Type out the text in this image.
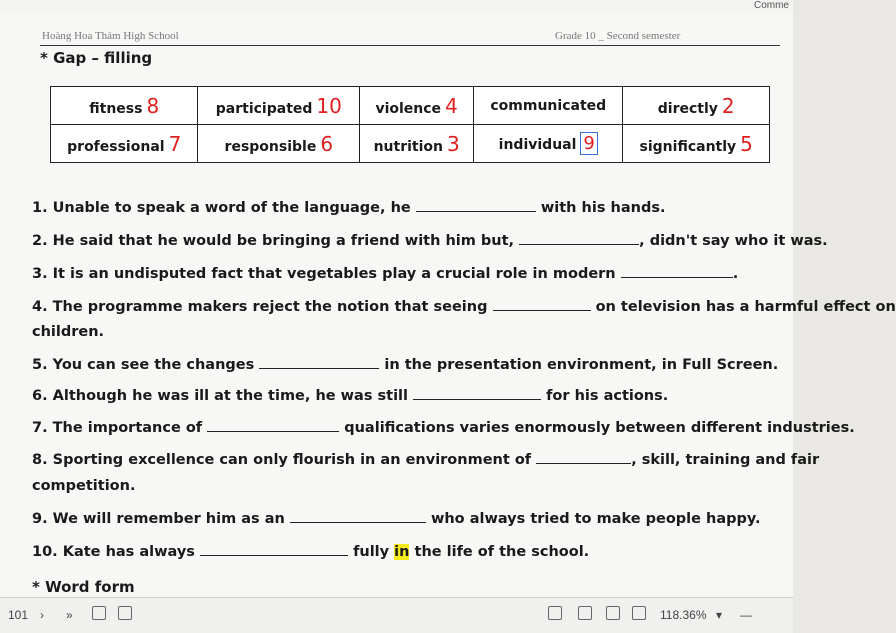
Comme
Hoàng Hoa Thám High School	Grade 10 _ Second semester
* Gap – filling
fitness 8	participated 10	violence 4	communicated	directly 2
professional 7	responsible 6	nutrition 3	individual 9	significantly 5
1. Unable to speak a word of the language, he	with his hands.
2. He said that he would be bringing a friend with him but,	, didn't say who it was.
3. It is an undisputed fact that vegetables play a crucial role in modern	.
4. The programme makers reject the notion that seeing	on television has a harmful effect on
children.
5. You can see the changes	in the presentation environment, in Full Screen.
6. Although he was ill at the time, he was still	for his actions.
7. The importance of	qualifications varies enormously between different industries.
8. Sporting excellence can only flourish in an environment of	, skill, training and fair
competition.
9. We will remember him as an	who always tried to make people happy.
10. Kate has always	fully in the life of the school.
* Word form
101 › »	118.36% ▾ —
